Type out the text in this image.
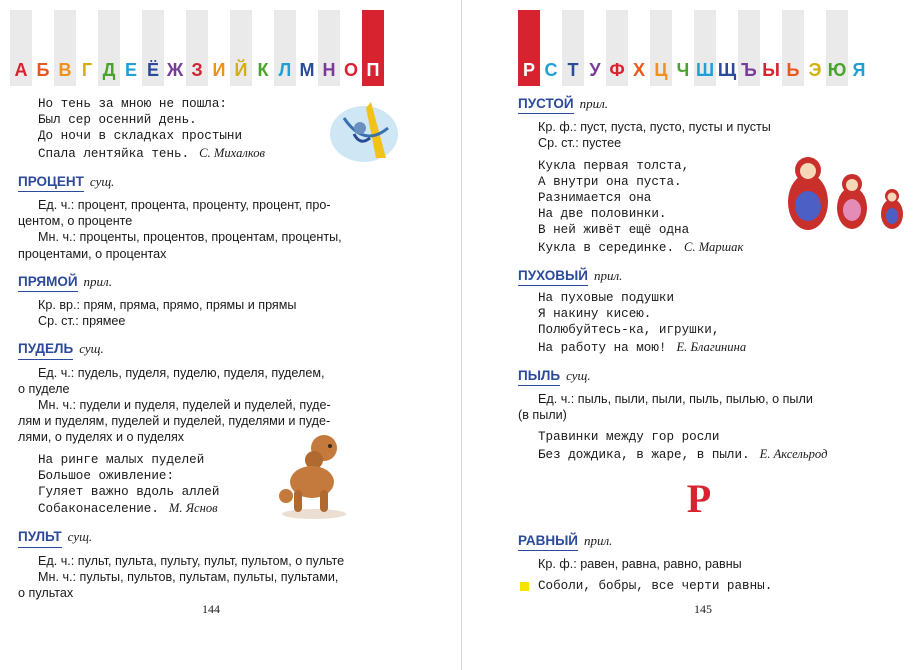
А Б В Г Д Е Ё Ж З И Й К Л М Н О П
Но тень за мною не пошла:
Был сер осенний день.
До ночи в складках простыни
Спала лентяйка тень. С. Михалков
ПРОЦЕНТ сущ.
Ед. ч.: процент, процента, проценту, процент, про-
центом, о проценте
Мн. ч.: проценты, процентов, процентам, проценты,
процентами, о процентах
ПРЯМОЙ прил.
Кр. вр.: прям, пряма, прямо, прямы и прямы
Ср. ст.: прямее
ПУДЕЛЬ сущ.
Ед. ч.: пудель, пуделя, пуделю, пуделя, пуделем,
о пуделе
Мн. ч.: пудели и пуделя, пуделей и пуделей, пуде-
лям и пуделям, пуделей и пуделей, пуделями и пуде-
лями, о пуделях и о пуделях
На ринге малых пуделей
Большое оживление:
Гуляет важно вдоль аллей
Собаконаселение. М. Яснов
ПУЛЬТ сущ.
Ед. ч.: пульт, пульта, пульту, пульт, пультом, о пульте
Мн. ч.: пульты, пультов, пультам, пульты, пультами,
о пультах
144
Р С Т У Ф Х Ц Ч Ш Щ Ъ Ы Ь Э Ю Я
ПУСТОЙ прил.
Кр. ф.: пуст, пуста, пусто, пусты и пусты
Ср. ст.: пустее
Кукла первая толста,
А внутри она пуста.
Разнимается она
На две половинки.
В ней живёт ещё одна
Кукла в серединке. С. Маршак
ПУХОВЫЙ прил.
На пуховые подушки
Я накину кисею.
Полюбуйтесь-ка, игрушки,
На работу на мою! Е. Благинина
ПЫЛЬ сущ.
Ед. ч.: пыль, пыли, пыли, пыль, пылью, о пыли
(в пыли)
Травинки между гор росли
Без дождика, в жаре, в пыли. Е. Аксельрод
Р
РАВНЫЙ прил.
Кр. ф.: равен, равна, равно, равны
Соболи, бобры, все черти равны.
145
